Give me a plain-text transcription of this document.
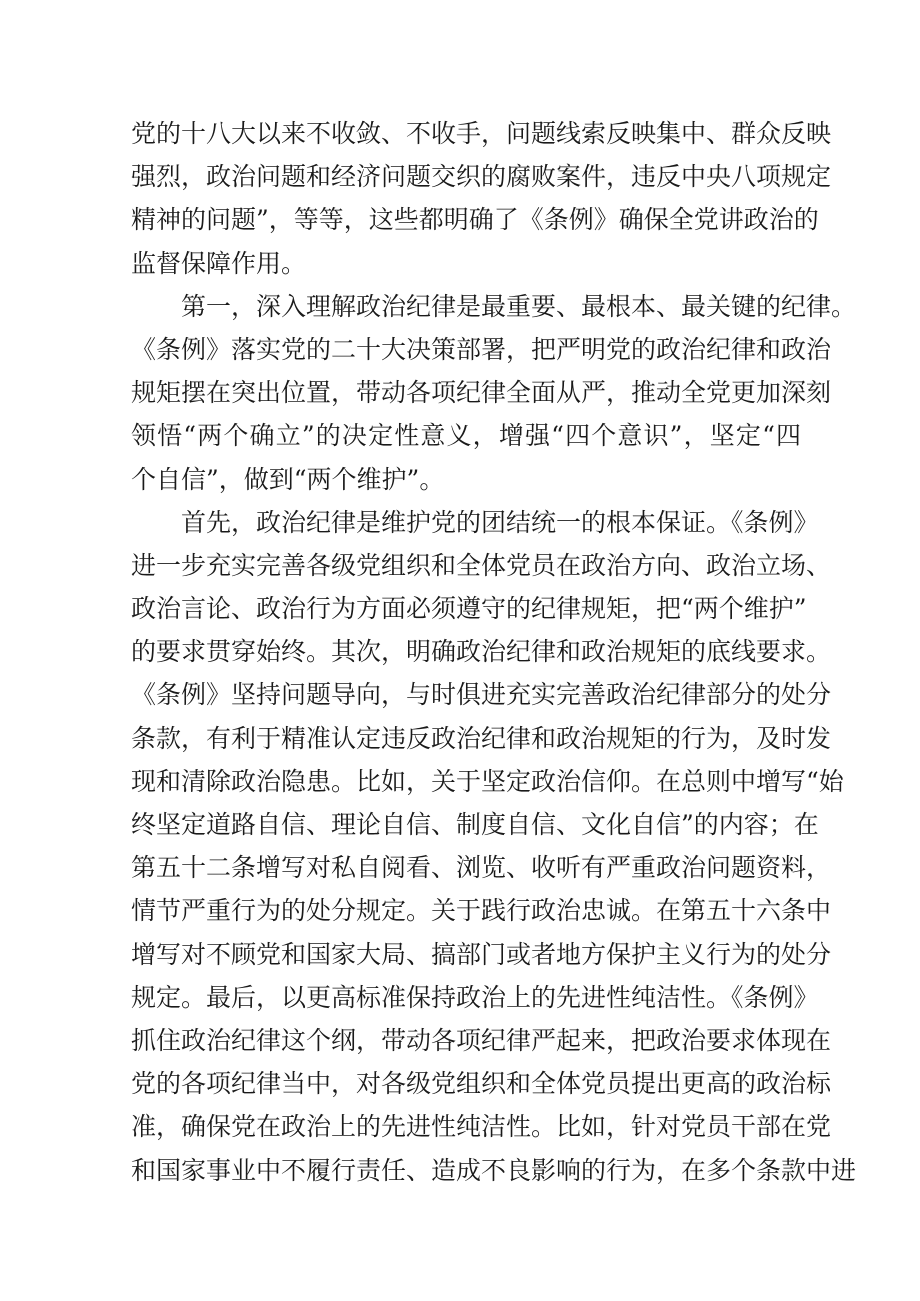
党的十八大以来不收敛、不收手，问题线索反映集中、群众反映
强烈，政治问题和经济问题交织的腐败案件，违反中央八项规定
精神的问题”，等等，这些都明确了《条例》确保全党讲政治的
监督保障作用。
第一，深入理解政治纪律是最重要、最根本、最关键的纪律。
《条例》落实党的二十大决策部署，把严明党的政治纪律和政治
规矩摆在突出位置，带动各项纪律全面从严，推动全党更加深刻
领悟“两个确立”的决定性意义，增强“四个意识”，坚定“四
个自信”，做到“两个维护”。
首先，政治纪律是维护党的团结统一的根本保证。《条例》
进一步充实完善各级党组织和全体党员在政治方向、政治立场、
政治言论、政治行为方面必须遵守的纪律规矩，把“两个维护”
的要求贯穿始终。其次，明确政治纪律和政治规矩的底线要求。
《条例》坚持问题导向，与时俱进充实完善政治纪律部分的处分
条款，有利于精准认定违反政治纪律和政治规矩的行为，及时发
现和清除政治隐患。比如，关于坚定政治信仰。在总则中增写“始
终坚定道路自信、理论自信、制度自信、文化自信”的内容；在
第五十二条增写对私自阅看、浏览、收听有严重政治问题资料，
情节严重行为的处分规定。关于践行政治忠诚。在第五十六条中
增写对不顾党和国家大局、搞部门或者地方保护主义行为的处分
规定。最后，以更高标准保持政治上的先进性纯洁性。《条例》
抓住政治纪律这个纲，带动各项纪律严起来，把政治要求体现在
党的各项纪律当中，对各级党组织和全体党员提出更高的政治标
准，确保党在政治上的先进性纯洁性。比如，针对党员干部在党
和国家事业中不履行责任、造成不良影响的行为，在多个条款中进
